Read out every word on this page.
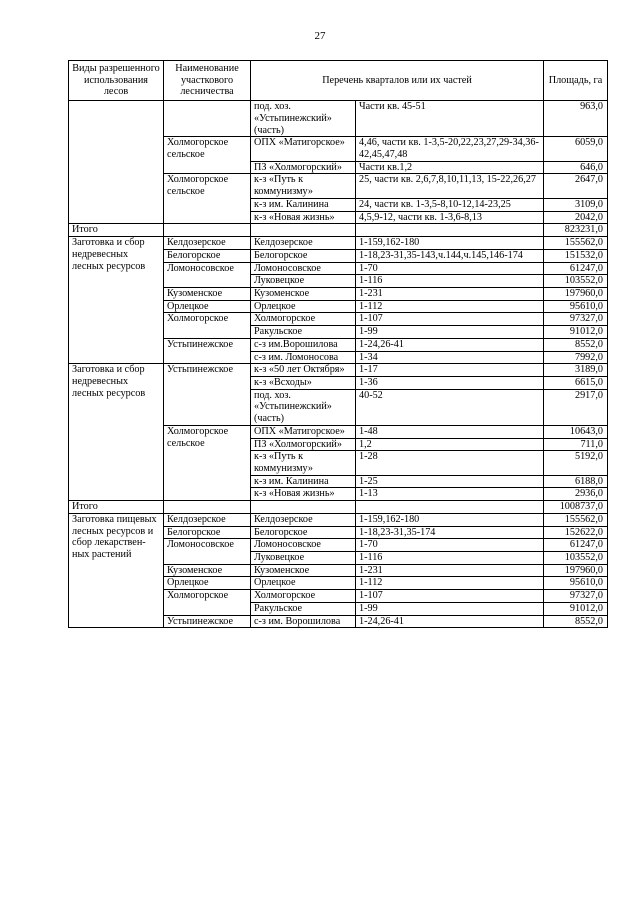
27
Виды разрешенного использования лесов	Наименование участкового лесничества	Перечень кварталов или их частей		Площадь, га
		под. хоз. «Устьпинежский» (часть)	Части кв. 45-51	963,0
	Холмогорское сельское	ОПХ «Матигорское»	4,46, части кв. 1-3,5-20,22,23,27,29-34,36-42,45,47,48	6059,0
		ПЗ «Холмогорский»	Части кв.1,2	646,0
	Холмогорское сельское	к-з «Путь к коммунизму»	25, части кв. 2,6,7,8,10,11,13, 15-22,26,27	2647,0
		к-з им. Калинина	24, части кв. 1-3,5-8,10-12,14-23,25	3109,0
		к-з «Новая жизнь»	4,5,9-12, части кв. 1-3,6-8,13	2042,0
Итого				823231,0
Заготовка и сбор недревесных лесных ресурсов	Келдозерское	Келдозерское	1-159,162-180	155562,0
	Белогорское	Белогорское	1-18,23-31,35-143,ч.144,ч.145,146-174	151532,0
	Ломоносовское	Ломоносовское	1-70	61247,0
		Луковецкое	1-116	103552,0
	Кузоменское	Кузоменское	1-231	197960,0
	Орлецкое	Орлецкое	1-112	95610,0
	Холмогорское	Холмогорское	1-107	97327,0
		Ракульское	1-99	91012,0
	Устьпинежское	с-з им.Ворошилова	1-24,26-41	8552,0
		с-з им. Ломоносова	1-34	7992,0
Заготовка и сбор недревесных лесных ресурсов	Устьпинежское	к-з «50 лет Октября»	1-17	3189,0
		к-з «Всходы»	1-36	6615,0
		под. хоз. «Устьпинежский» (часть)	40-52	2917,0
	Холмогорское сельское	ОПХ «Матигорское»	1-48	10643,0
		ПЗ «Холмогорский»	1,2	711,0
		к-з «Путь к коммунизму»	1-28	5192,0
		к-з им. Калинина	1-25	6188,0
		к-з «Новая жизнь»	1-13	2936,0
Итого				1008737,0
Заготовка пищевых лесных ресурсов и сбор лекарствен-ных растений	Келдозерское	Келдозерское	1-159,162-180	155562,0
	Белогорское	Белогорское	1-18,23-31,35-174	152622,0
	Ломоносовское	Ломоносовское	1-70	61247,0
		Луковецкое	1-116	103552,0
	Кузоменское	Кузоменское	1-231	197960,0
	Орлецкое	Орлецкое	1-112	95610,0
	Холмогорское	Холмогорское	1-107	97327,0
		Ракульское	1-99	91012,0
	Устьпинежское	с-з им. Ворошилова	1-24,26-41	8552,0
